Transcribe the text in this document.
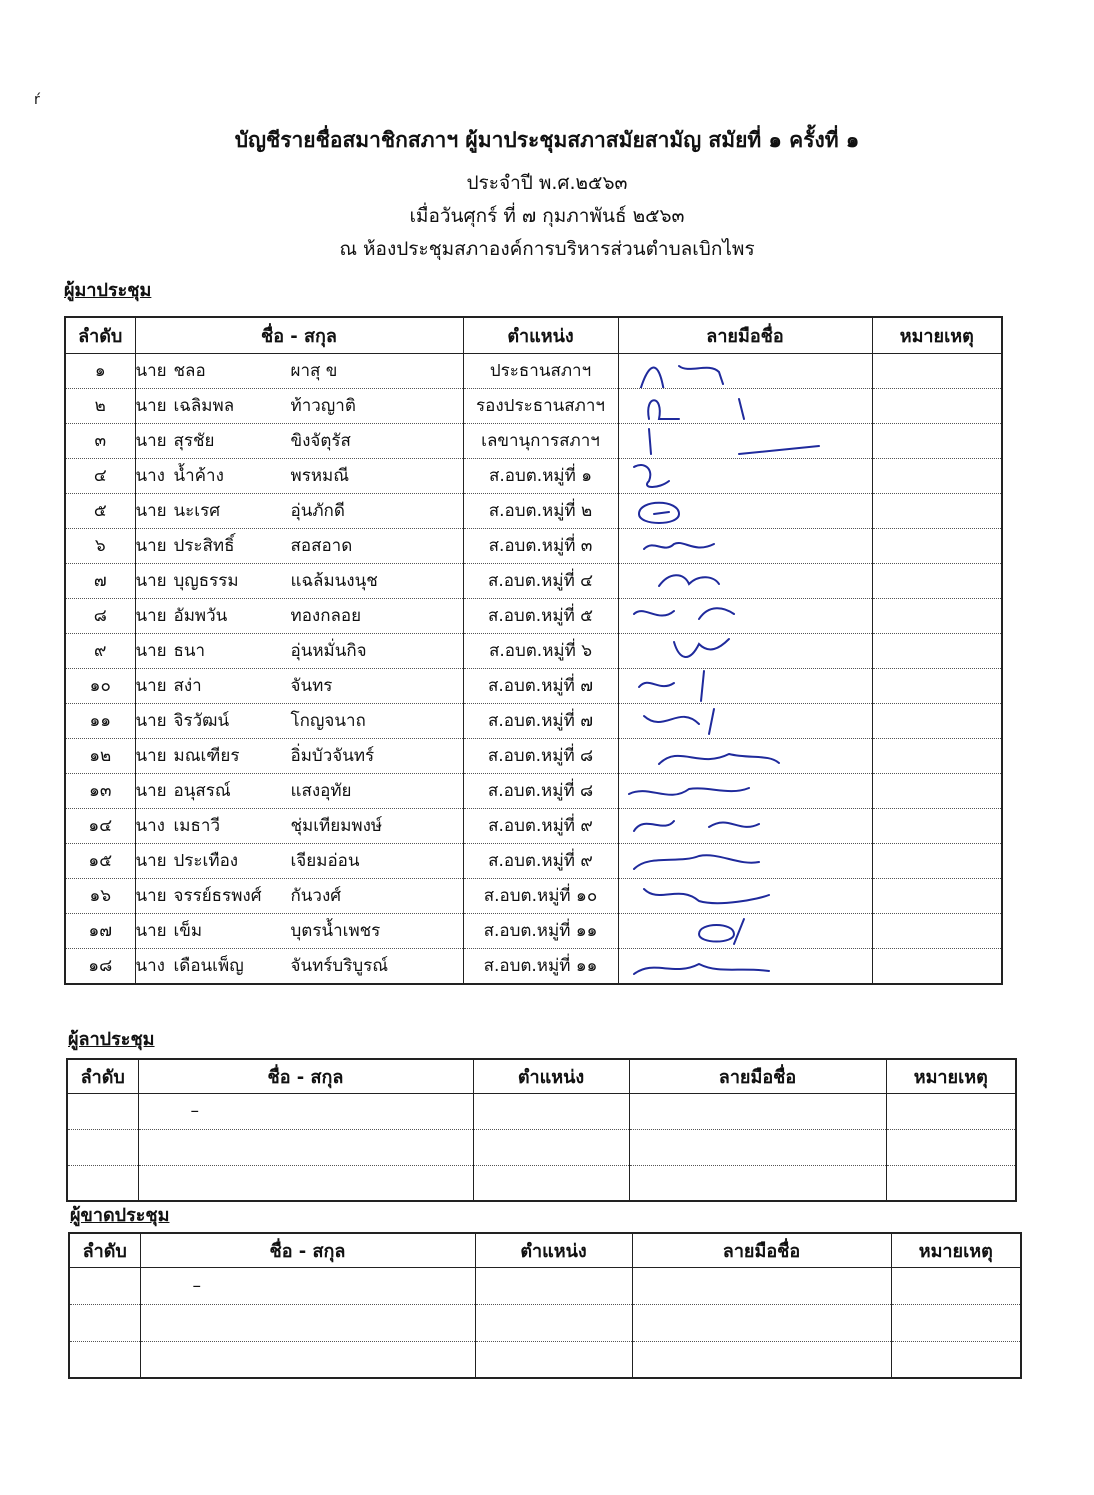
บัญชีรายชื่อสมาชิกสภาฯ ผู้มาประชุมสภาสมัยสามัญ สมัยที่ ๑ ครั้งที่ ๑
ประจำปี พ.ศ.๒๕๖๓
เมื่อวันศุกร์ ที่ ๗ กุมภาพันธ์ ๒๕๖๓
ณ ห้องประชุมสภาองค์การบริหารส่วนตำบลเบิกไพร
ŕ
ผู้มาประชุม
ลำดับ	ชื่อ - สกุล	ตำแหน่ง	ลายมือชื่อ	หมายเหตุ
๑	นาย ชลอ ผาสุ ข	ประธานสภาฯ	

๒	นาย เฉลิมพล ท้าวญาติ	รองประธานสภาฯ	

๓	นาย สุรชัย ขิงจัตุรัส	เลขานุการสภาฯ	

๔	นาง น้ำค้าง พรหมณี	ส.อบต.หมู่ที่ ๑	

๕	นาย นะเรศ อุ่นภักดี	ส.อบต.หมู่ที่ ๒	

๖	นาย ประสิทธิ์ สอสอาด	ส.อบต.หมู่ที่ ๓	

๗	นาย บุญธรรม แฉล้มนงนุช	ส.อบต.หมู่ที่ ๔	

๘	นาย อัมพวัน ทองกลอย	ส.อบต.หมู่ที่ ๕	

๙	นาย ธนา อุ่นหมั่นกิจ	ส.อบต.หมู่ที่ ๖	

๑๐	นาย สง่า จันทร	ส.อบต.หมู่ที่ ๗	

๑๑	นาย จิรวัฒน์ โกญจนาถ	ส.อบต.หมู่ที่ ๗	

๑๒	นาย มณเฑียร อิ่มบัวจันทร์	ส.อบต.หมู่ที่ ๘	

๑๓	นาย อนุสรณ์ แสงอุทัย	ส.อบต.หมู่ที่ ๘	

๑๔	นาง เมธาวี ชุ่มเทียมพงษ์	ส.อบต.หมู่ที่ ๙	

๑๕	นาย ประเทือง เจียมอ่อน	ส.อบต.หมู่ที่ ๙	

๑๖	นาย จรรย์ธรพงศ์ กันวงศ์	ส.อบต.หมู่ที่ ๑๐	

๑๗	นาย เข็ม บุตรน้ำเพชร	ส.อบต.หมู่ที่ ๑๑	

๑๘	นาง เดือนเพ็ญ จันทร์บริบูรณ์	ส.อบต.หมู่ที่ ๑๑	

ผู้ลาประชุม
ลำดับ	ชื่อ - สกุล	ตำแหน่ง	ลายมือชื่อ	หมายเหตุ
	–			

ผู้ขาดประชุม
ลำดับ	ชื่อ - สกุล	ตำแหน่ง	ลายมือชื่อ	หมายเหตุ
	–			
